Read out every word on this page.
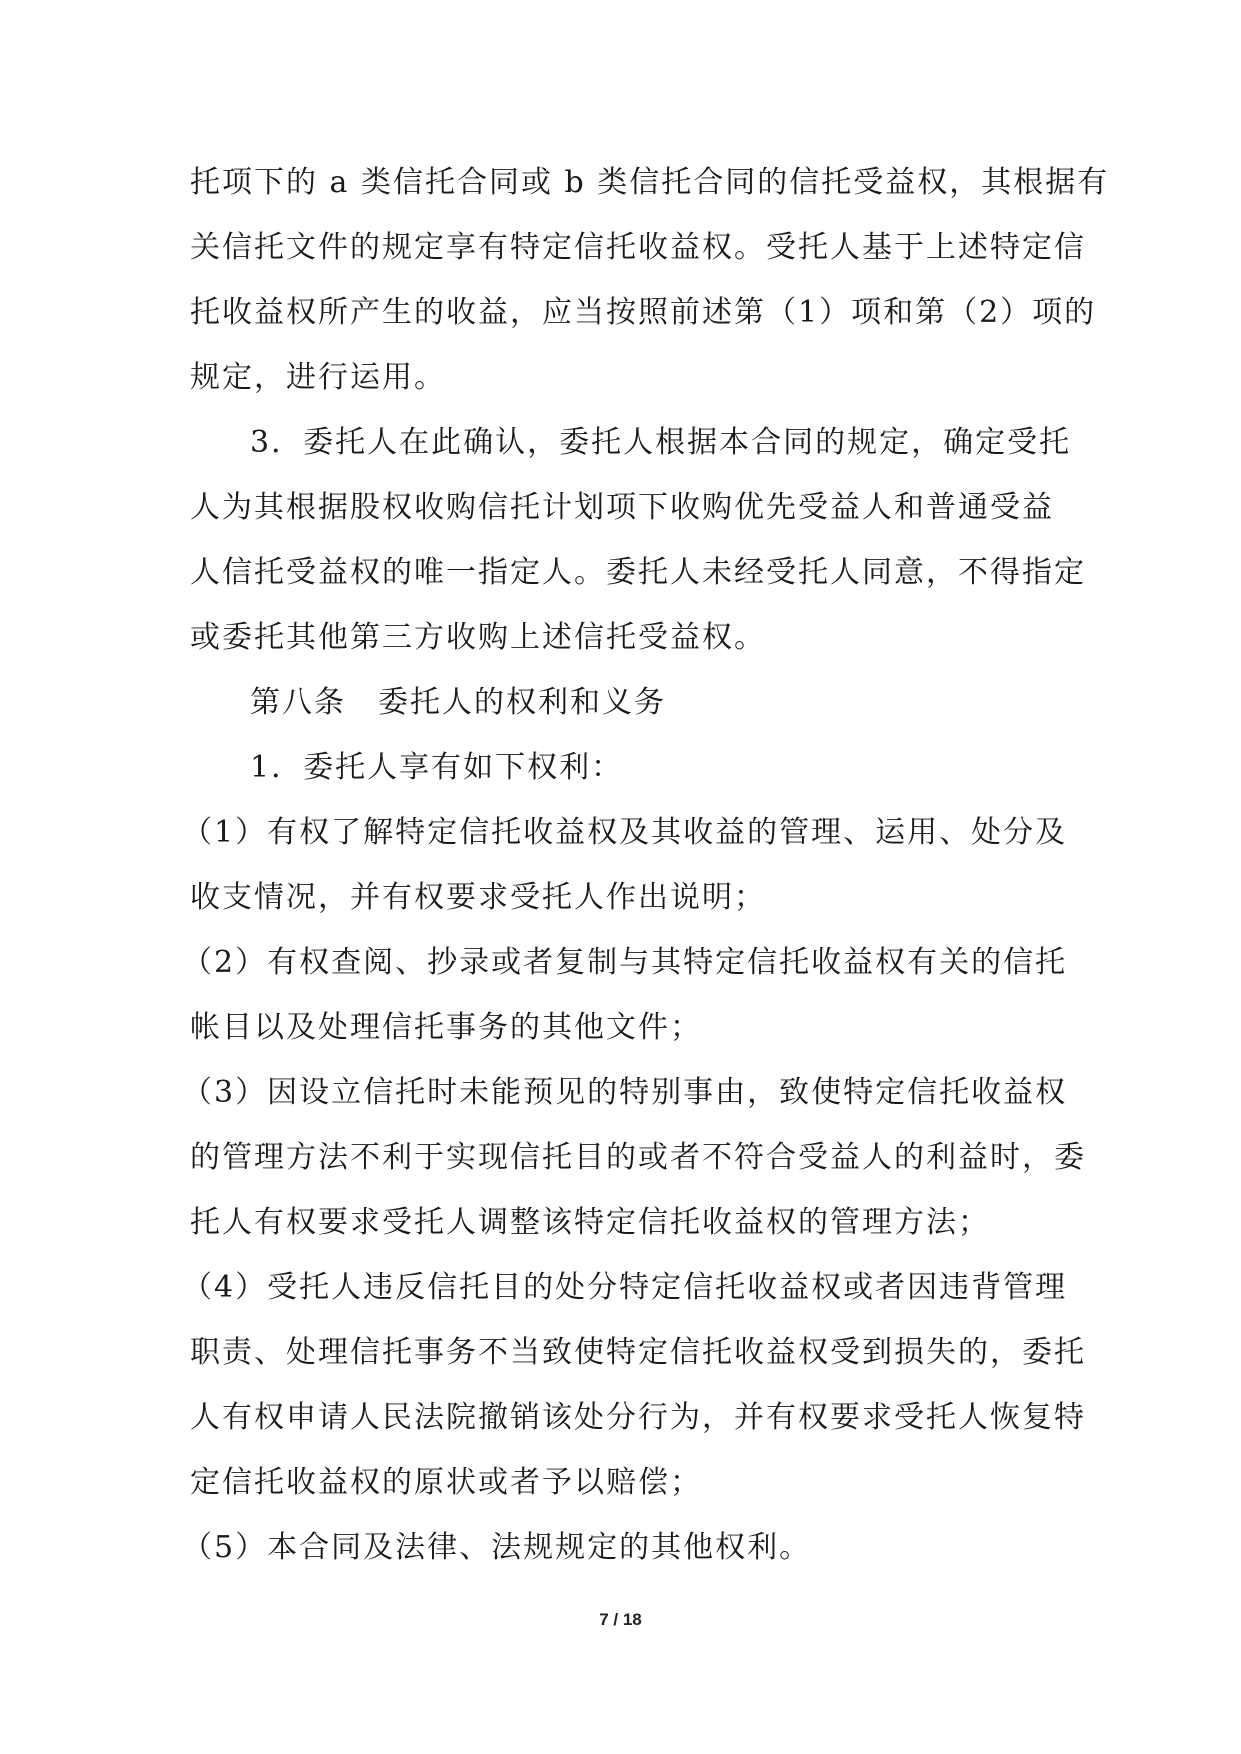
托项下的 a 类信托合同或 b 类信托合同的信托受益权，其根据有
关信托文件的规定享有特定信托收益权。受托人基于上述特定信
托收益权所产生的收益，应当按照前述第（1）项和第（2）项的
规定，进行运用。
3．委托人在此确认，委托人根据本合同的规定，确定受托
人为其根据股权收购信托计划项下收购优先受益人和普通受益
人信托受益权的唯一指定人。委托人未经受托人同意，不得指定
或委托其他第三方收购上述信托受益权。
第八条　委托人的权利和义务
1．委托人享有如下权利：
（1）有权了解特定信托收益权及其收益的管理、运用、处分及
收支情况，并有权要求受托人作出说明；
（2）有权查阅、抄录或者复制与其特定信托收益权有关的信托
帐目以及处理信托事务的其他文件；
（3）因设立信托时未能预见的特别事由，致使特定信托收益权
的管理方法不利于实现信托目的或者不符合受益人的利益时，委
托人有权要求受托人调整该特定信托收益权的管理方法；
（4）受托人违反信托目的处分特定信托收益权或者因违背管理
职责、处理信托事务不当致使特定信托收益权受到损失的，委托
人有权申请人民法院撤销该处分行为，并有权要求受托人恢复特
定信托收益权的原状或者予以赔偿；
（5）本合同及法律、法规规定的其他权利。
7 / 18
